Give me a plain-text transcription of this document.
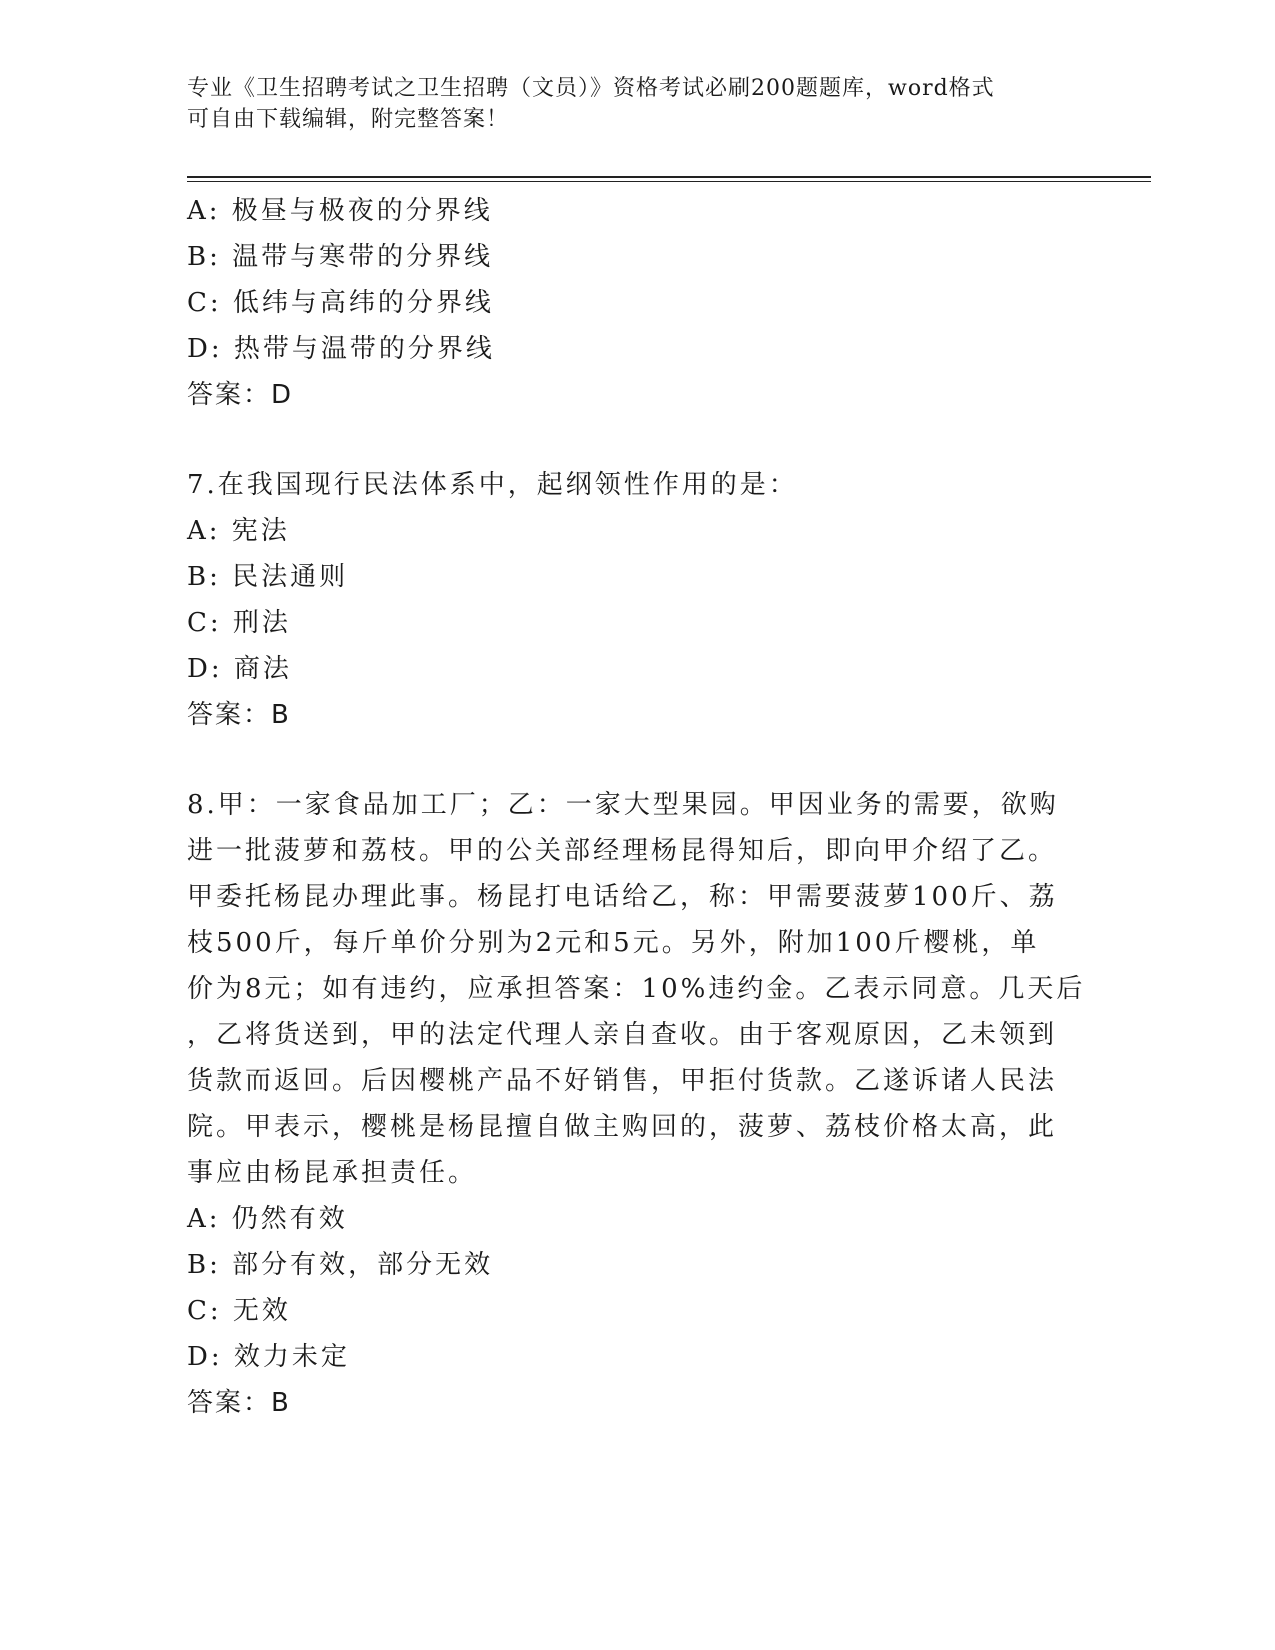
专业《卫生招聘考试之卫生招聘（文员）》资格考试必刷200题题库，word格式
可自由下载编辑，附完整答案！
A: 极昼与极夜的分界线
B: 温带与寒带的分界线
C: 低纬与高纬的分界线
D: 热带与温带的分界线
答案：D
7.在我国现行民法体系中，起纲领性作用的是：
A: 宪法
B: 民法通则
C: 刑法
D: 商法
答案：B
8.甲：一家食品加工厂；乙：一家大型果园。甲因业务的需要，欲购
进一批菠萝和荔枝。甲的公关部经理杨昆得知后，即向甲介绍了乙。
甲委托杨昆办理此事。杨昆打电话给乙，称：甲需要菠萝100斤、荔
枝500斤，每斤单价分别为2元和5元。另外，附加100斤樱桃，单
价为8元；如有违约，应承担答案：10%违约金。乙表示同意。几天后
，乙将货送到，甲的法定代理人亲自查收。由于客观原因，乙未领到
货款而返回。后因樱桃产品不好销售，甲拒付货款。乙遂诉诸人民法
院。甲表示，樱桃是杨昆擅自做主购回的，菠萝、荔枝价格太高，此
事应由杨昆承担责任。
A: 仍然有效
B: 部分有效，部分无效
C: 无效
D: 效力未定
答案：B
